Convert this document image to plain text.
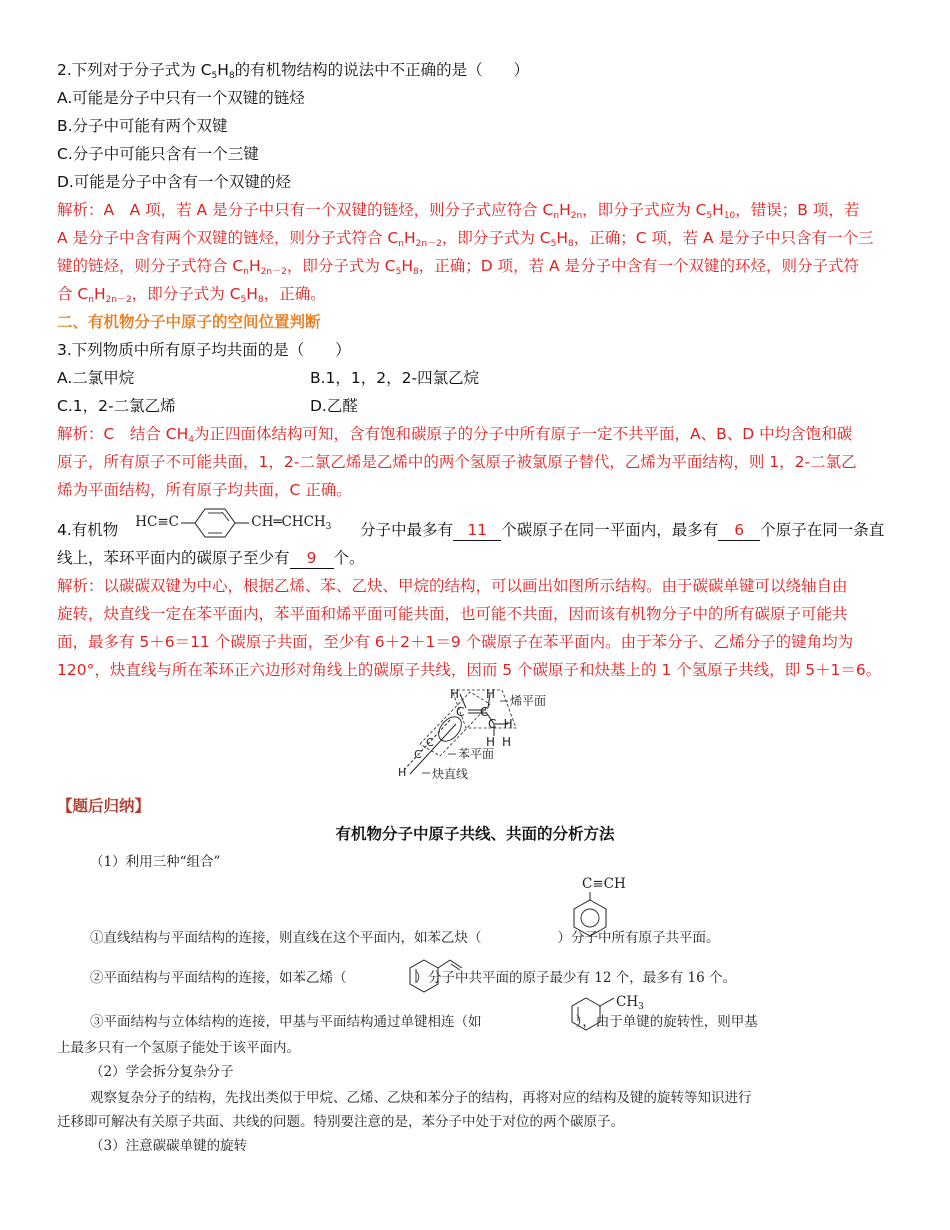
2.下列对于分子式为 $C_5H_8$的有机物结构的说法中不正确的是（　　）
A.可能是分子中只有一个双键的链烃
B.分子中可能有两个双键
C.分子中可能只含有一个三键
D.可能是分子中含有一个双键的烃
解析：A　A 项，若 A 是分子中只有一个双键的链烃，则分子式应符合 $C_nH_{2n}$，即分子式应为 $C_5H_{10}$，错误；B 项，若
A 是分子中含有两个双键的链烃，则分子式符合 $C_nH_{2n-2}$，即分子式为 $C_5H_8$，正确；C 项，若 A 是分子中只含有一个三
键的链烃，则分子式符合 $C_nH_{2n-2}$，即分子式为 $C_5H_8$，正确；D 项，若 A 是分子中含有一个双键的环烃，则分子式符
合 $C_nH_{2n-2}$，即分子式为 $C_5H_8$，正确。
二、有机物分子中原子的空间位置判断
3.下列物质中所有原子均共面的是（　　）
A.二氯甲烷	B.1，1，2，2-四氯乙烷
C.1，2-二氯乙烯	D.乙醛
解析：C　结合 $CH_4$为正四面体结构可知，含有饱和碳原子的分子中所有原子一定不共平面，A、B、D 中均含饱和碳
原子，所有原子不可能共面，1，2-二氯乙烯是乙烯中的两个氢原子被氯原子替代，乙烯为平面结构，则 1，2-二氯乙
烯为平面结构，所有原子均共面，C 正确。
4.有机物 HC≡C	$CH═CHCH_3$ 分子中最多有 11 个碳原子在同一平面内，最多有 6 个原子在同一条直
线上，苯环平面内的碳原子至少有 9 个。
解析：以碳碳双键为中心，根据乙烯、苯、乙炔、甲烷的结构，可以画出如图所示结构。由于碳碳单键可以绕轴自由
旋转，炔直线一定在苯平面内，苯平面和烯平面可能共面，也可能不共面，因而该有机物分子中的所有碳原子可能共
面，最多有 5＋6＝11 个碳原子共面，至少有 6＋2＋1＝9 个碳原子在苯平面内。由于苯分子、乙烯分子的键角均为
120°，炔直线与所在苯环正六边形对角线上的碳原子共线，因而 5 个碳原子和炔基上的 1 个氢原子共线，即 5＋1＝6。
H H
C C
C─H
H H
H
C
C
烯平面
苯平面
炔直线
【题后归纳】
有机物分子中原子共线、共面的分析方法
（1）利用三种“组合”
C≡CH
①直线结构与平面结构的连接，则直线在这个平面内，如苯乙炔（	）分子中所有原子共平面。
②平面结构与平面结构的连接，如苯乙烯（	）分子中共平面的原子最少有 12 个，最多有 16 个。
$CH_3$
③平面结构与立体结构的连接，甲基与平面结构通过单键相连（如	），由于单键的旋转性，则甲基
上最多只有一个氢原子能处于该平面内。
（2）学会拆分复杂分子
观察复杂分子的结构，先找出类似于甲烷、乙烯、乙炔和苯分子的结构，再将对应的结构及键的旋转等知识进行
迁移即可解决有关原子共面、共线的问题。特别要注意的是，苯分子中处于对位的两个碳原子。
（3）注意碳碳单键的旋转
